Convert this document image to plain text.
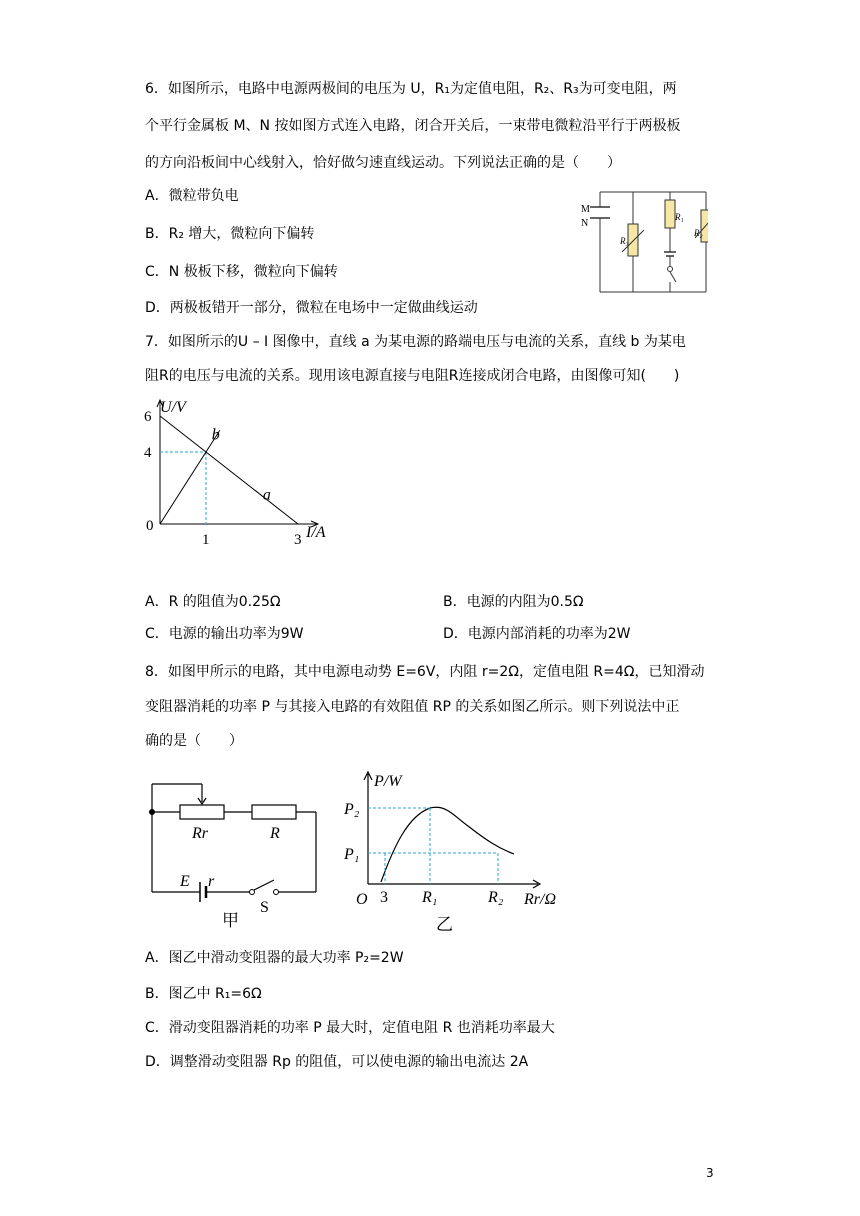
6．如图所示，电路中电源两极间的电压为 U，R₁为定值电阻，R₂、R₃为可变电阻，两
个平行金属板 M、N 按如图方式连入电路，闭合开关后，一束带电微粒沿平行于两极板
的方向沿板间中心线射入，恰好做匀速直线运动。下列说法正确的是（　　）
A．微粒带负电
B．R₂ 增大，微粒向下偏转
C．N 极板下移，微粒向下偏转
D．两极板错开一部分，微粒在电场中一定做曲线运动
M
N
R₃
R₁
R₂
7．如图所示的U – I 图像中，直线 a 为某电源的路端电压与电流的关系，直线 b 为某电
阻R的电压与电流的关系。现用该电源直接与电阻R连接成闭合电路，由图像可知(　　)
U/V
I/A
0
a
b
6
4
1	3
A．R 的阻值为0.25Ω	B．电源的内阻为0.5Ω
C．电源的输出功率为9W	D．电源内部消耗的功率为2W
8．如图甲所示的电路，其中电源电动势 E=6V，内阻 r=2Ω，定值电阻 R=4Ω，已知滑动
变阻器消耗的功率 P 与其接入电路的有效阻值 RP 的关系如图乙所示。则下列说法中正
确的是（　　）
Rr	R
E r
S
甲
P/W
P₂
P₁
O 3 R₁	R₂ Rr/Ω
乙
A．图乙中滑动变阻器的最大功率 P₂=2W
B．图乙中 R₁=6Ω
C．滑动变阻器消耗的功率 P 最大时，定值电阻 R 也消耗功率最大
D．调整滑动变阻器 Rp 的阻值，可以使电源的输出电流达 2A
3
